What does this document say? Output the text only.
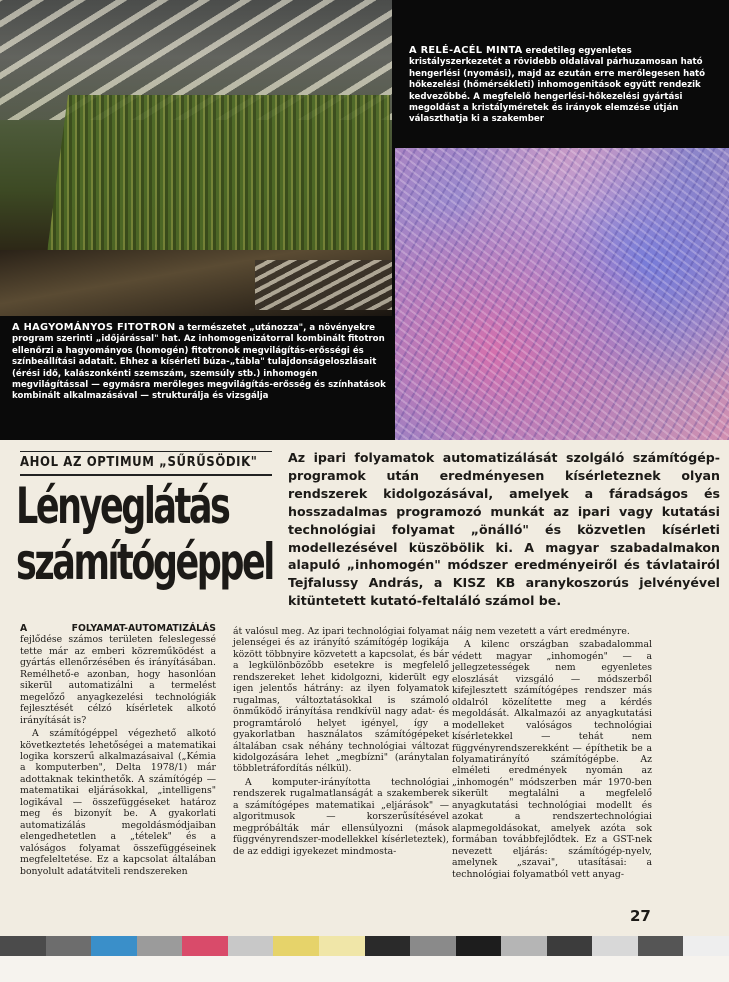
A RELÉ-ACÉL MINTA eredetileg egyenletes kristályszerkezetét a rövidebb oldalával párhuzamosan ható hengerlési (nyomási), majd az ezután erre merőlegesen ható hőkezelési (hőmérsékleti) inhomogenitások együtt rendezik kedvezőbbé. A megfelelő hengerlési-hőkezelési gyártási megoldást a kristályméretek és irányok elemzése útján választhatja ki a szakember
A HAGYOMÁNYOS FITOTRON a természetet „utánozza", a növényekre program szerinti „időjárással" hat. Az inhomogenizátorral kombinált fitotron ellenőrzi a hagyományos (homogén) fitotronok megvilágítás-erősségi és színbeállítási adatait. Ehhez a kísérleti búza-„tábla" tulajdonságeloszlásait (érési idő, kalászonkénti szemszám, szemsúly stb.) inhomogén megvilágítással — egymásra merőleges megvilágítás-erősség és színhatások kombinált alkalmazásával — strukturálja és vizsgálja
AHOL AZ OPTIMUM „SŰRŰSÖDIK"
Lényeglátás
számítógéppel
Az ipari folyamatok automatizálását szolgáló számítógép-programok után eredményesen kísérleteznek olyan rendszerek kidolgozásával, amelyek a fáradságos és hosszadalmas programozó munkát az ipari vagy kutatási technológiai folyamat „önálló" és közvetlen kísérleti modellezésével küszöbölik ki. A magyar szabadalmakon alapuló „inhomogén" módszer eredményeiről és távlatairól Tejfalussy András, a KISZ KB aranykoszorús jelvényével kitüntetett kutató-feltaláló számol be.

A FOLYAMAT-AUTOMATIZÁLÁS fejlődése számos területen feleslegessé tette már az emberi közreműködést a gyártás ellenőrzésében és irányításában. Remélhető-e azonban, hogy hasonlóan sikerül automatizálni a termelést megelőző anyagkezelési technológiák fejlesztését célzó kísérletek alkotó irányítását is?

A számítógéppel végezhető alkotó következtetés lehetőségei a matematikai logika korszerű alkalmazásaival („Kémia a komputerben", Delta 1978/1) már adottaknak tekinthetők. A számítógép — matematikai eljárásokkal, „intelligens" logikával — összefüggéseket határoz meg és bizonyít be. A gyakorlati automatizálás megoldásmódjaiban elengedhetetlen a „tételek" és a valóságos folyamat összefüggéseinek megfeleltetése. Ez a kapcsolat általában bonyolult adatátviteli rendszereken

át valósul meg. Az ipari technológiai folyamat jelenségei és az irányító számítógép logikája között többnyire közvetett a kapcsolat, és bár a legkülönbözőbb esetekre is megfelelő rendszereket lehet kidolgozni, kiderült egy igen jelentős hátrány: az ilyen folyamatok rugalmas, változtatásokkal is számoló önműködő irányítása rendkívül nagy adat- és programtároló helyet igényel, így a gyakorlatban használatos számítógépeket általában csak néhány technológiai változat kidolgozására lehet „megbízni" (aránytalan többletráfordítás nélkül).

A komputer-irányította technológiai rendszerek rugalmatlanságát a szakemberek a számítógépes matematikai „eljárások" — algoritmusok — korszerűsítésével megpróbálták már ellensúlyozni (mások függvényrendszer-modellekkel kísérleteztek), de az eddigi igyekezet mindmosta-

náig nem vezetett a várt eredményre.

A kilenc országban szabadalommal védett magyar „inhomogén" — a jellegzetességek nem egyenletes eloszlását vizsgáló — módszerből kifejlesztett számítógépes rendszer más oldalról közelítette meg a kérdés megoldását. Alkalmazói az anyagkutatási modelleket valóságos technológiai kísérletekkel — tehát nem függvényrendszerekként — építhetik be a folyamatirányító számítógépbe. Az elméleti eredmények nyomán az „inhomogén" módszerben már 1970-ben sikerült megtalálni a megfelelő anyagkutatási technológiai modellt és azokat a rendszertechnológiai alapmegoldásokat, amelyek azóta sok formában továbbfejlődtek. Ez a GST-nek nevezett eljárás: számítógép-nyelv, amelynek „szavai", utasításai: a technológiai folyamatból vett anyag-

27
